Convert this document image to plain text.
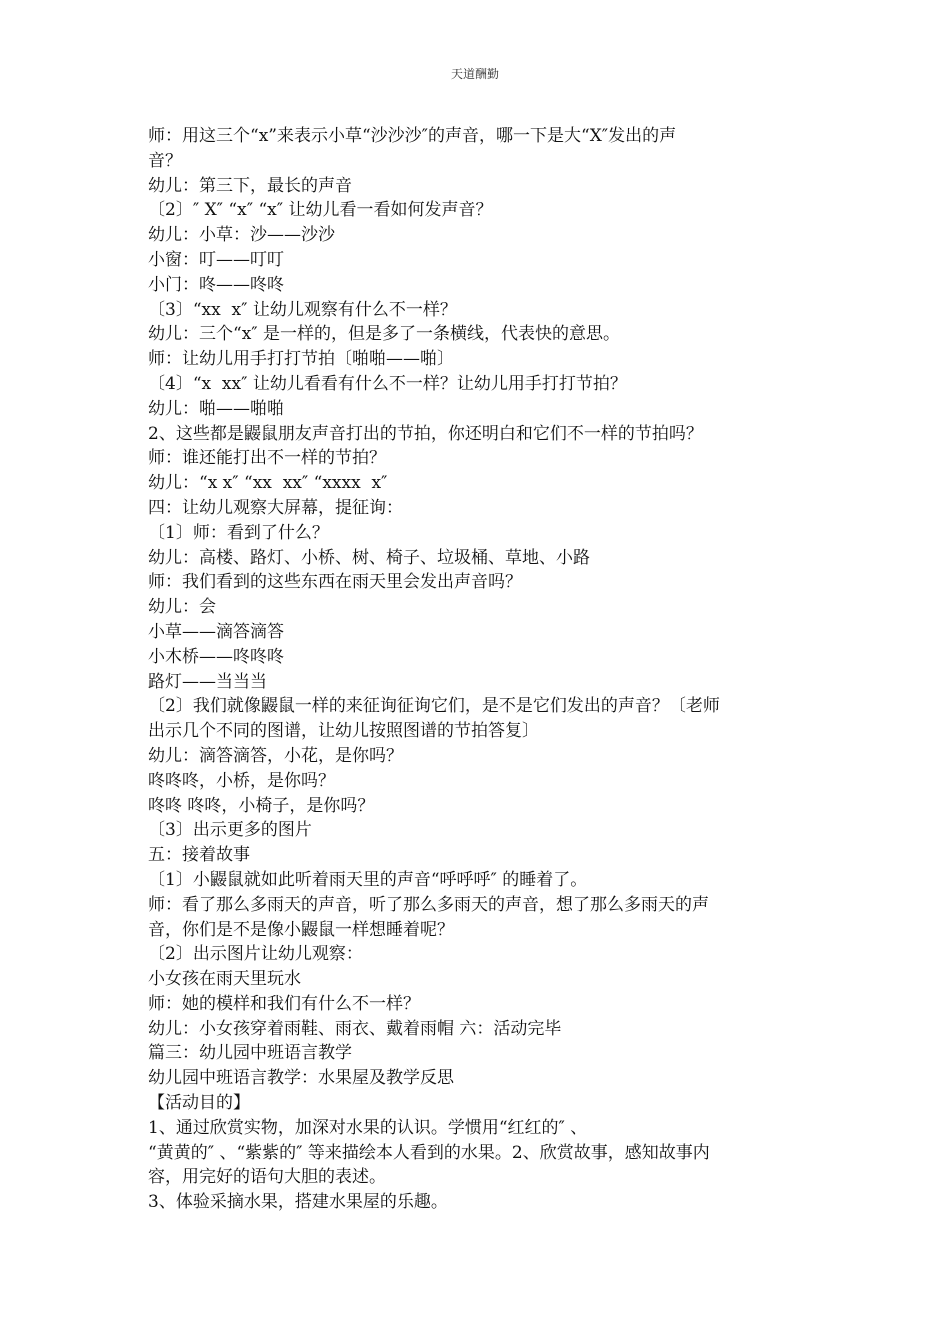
天道酬勤
师：用这三个“x”来表示小草“沙沙沙″的声音，哪一下是大“X″发出的声
音？
幼儿：第三下，最长的声音
〔2〕″ X″ “x″ “x″ 让幼儿看一看如何发声音？
幼儿：小草：沙——沙沙
小窗：叮——叮叮
小门：咚——咚咚
〔3〕“xx  x″ 让幼儿观察有什么不一样？
幼儿：三个“x″ 是一样的，但是多了一条横线，代表快的意思。
师：让幼儿用手打打节拍〔啪啪——啪〕
〔4〕“x  xx″ 让幼儿看看有什么不一样？让幼儿用手打打节拍？
幼儿：啪——啪啪
2、这些都是鼹鼠朋友声音打出的节拍，你还明白和它们不一样的节拍吗？
师：谁还能打出不一样的节拍？
幼儿：“x x″ “xx  xx″ “xxxx  x″
四：让幼儿观察大屏幕，提征询：
〔1〕师：看到了什么？
幼儿：高楼、路灯、小桥、树、椅子、垃圾桶、草地、小路
师：我们看到的这些东西在雨天里会发出声音吗？
幼儿：会
小草——滴答滴答
小木桥——咚咚咚
路灯——当当当
〔2〕我们就像鼹鼠一样的来征询征询它们，是不是它们发出的声音？〔老师
出示几个不同的图谱，让幼儿按照图谱的节拍答复〕
幼儿：滴答滴答，小花，是你吗？
咚咚咚，小桥，是你吗？
咚咚 咚咚，小椅子，是你吗？
〔3〕出示更多的图片
五：接着故事
〔1〕小鼹鼠就如此听着雨天里的声音“呼呼呼″ 的睡着了。
师：看了那么多雨天的声音，听了那么多雨天的声音，想了那么多雨天的声
音，你们是不是像小鼹鼠一样想睡着呢？
〔2〕出示图片让幼儿观察：
小女孩在雨天里玩水
师：她的模样和我们有什么不一样？
幼儿：小女孩穿着雨鞋、雨衣、戴着雨帽 六：活动完毕
篇三：幼儿园中班语言教学
幼儿园中班语言教学：水果屋及教学反思
【活动目的】
1、通过欣赏实物，加深对水果的认识。学惯用“红红的″ 、
“黄黄的″ 、“紫紫的″ 等来描绘本人看到的水果。2、欣赏故事，感知故事内
容，用完好的语句大胆的表述。
3、体验采摘水果，搭建水果屋的乐趣。
